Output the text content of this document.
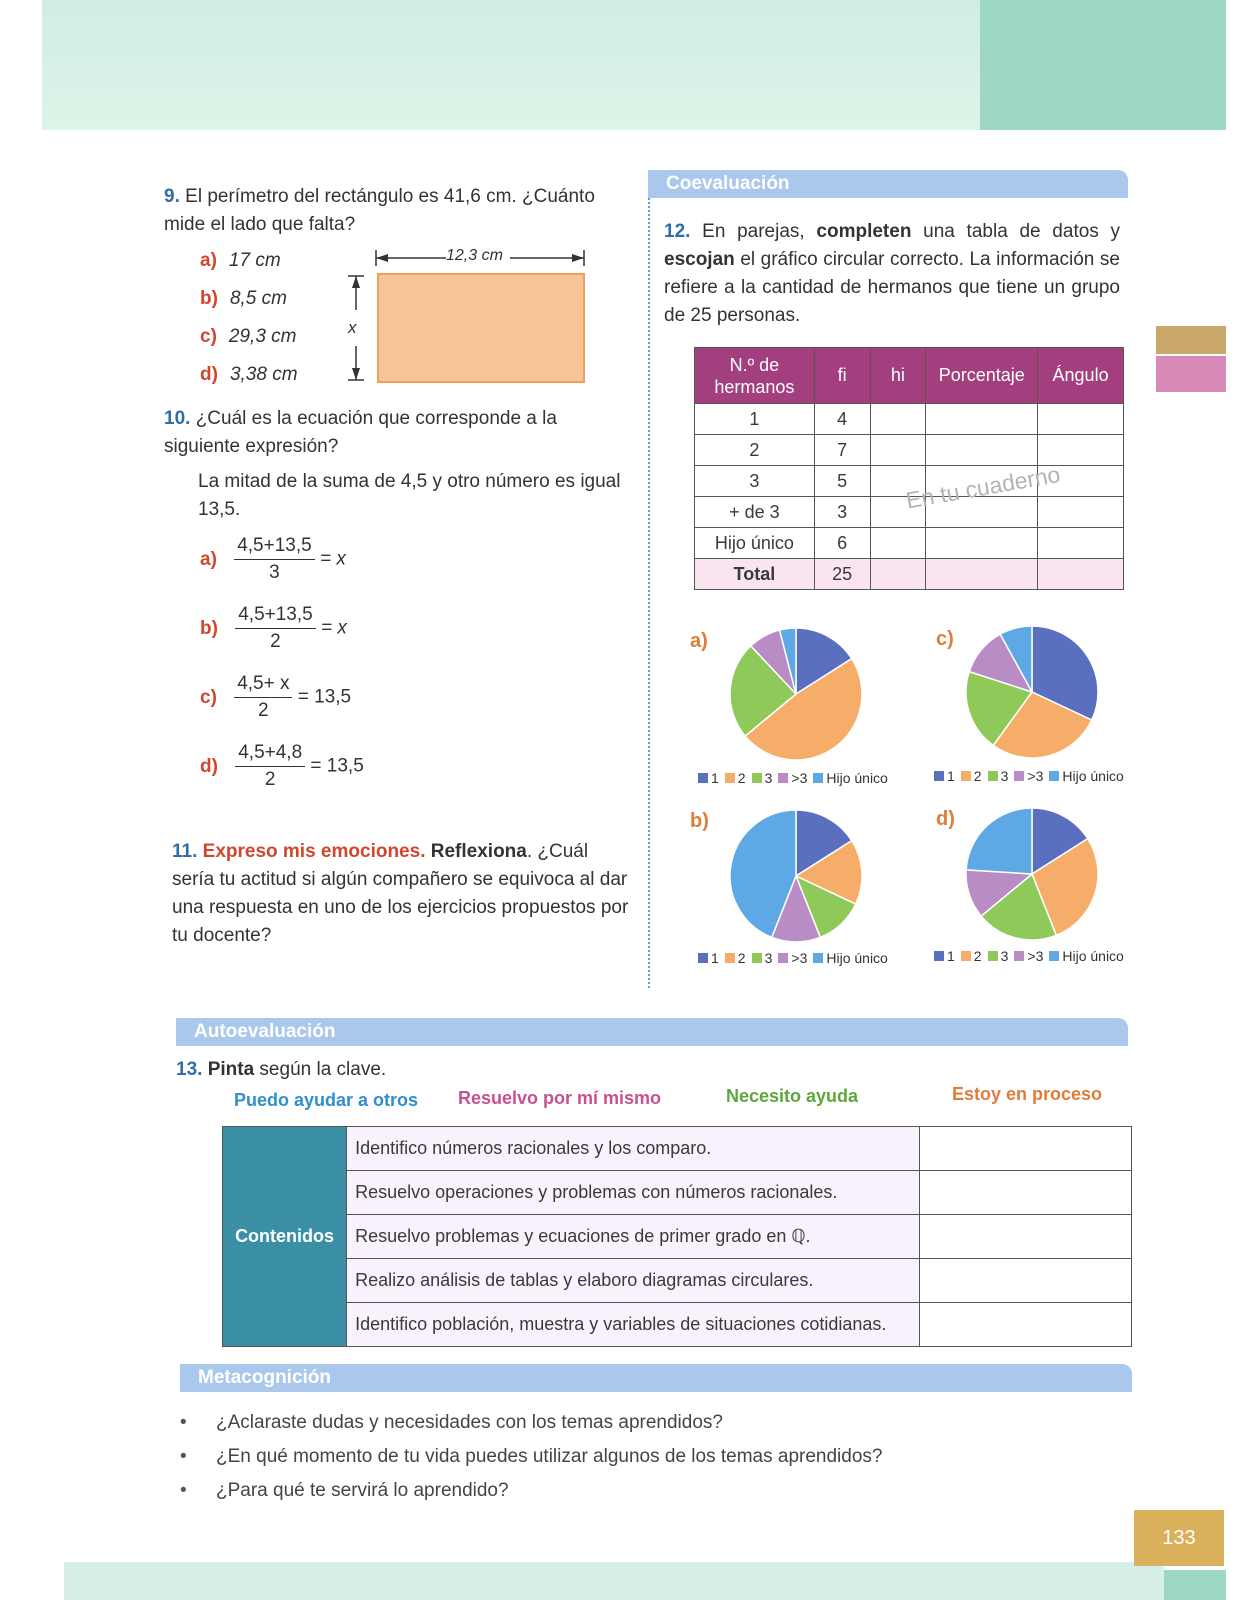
133
9. El perímetro del rectángulo es 41,6 cm. ¿Cuánto mide el lado que falta?
a) 17 cm
b) 8,5 cm
c) 29,3 cm
d) 3,38 cm
12,3 cm
x
10. ¿Cuál es la ecuación que corresponde a la siguiente expresión?
La mitad de la suma de 4,5 y otro número es igual 13,5.
$a) \frac{4,5+13,5}{3} = x$
$b) \frac{4,5+13,5}{2} = x$
$c) \frac{4,5+ x}{2} = 13,5$
$d) \frac{4,5+4,8}{2} = 13,5$
11. Expreso mis emociones. Reflexiona. ¿Cuál sería tu actitud si algún compañero se equivoca al dar una respuesta en uno de los ejercicios propuestos por tu docente?
Coevaluación
12. En parejas, completen una tabla de datos y escojan el gráfico circular correcto. La información se refiere a la cantidad de hermanos que tiene un grupo de 25 personas.
N.º de hermanos	fi	hi	Porcentaje	Ángulo
1	4			
2	7			
3	5			
+ de 3	3			
Hijo único	6			
Total	25			
En tu cuaderno
a)
b)
c)
d)
1 2 3 >3 Hijo único
1 2 3 >3 Hijo único
1 2 3 >3 Hijo único
1 2 3 >3 Hijo único
Autoevaluación
13. Pinta según la clave.
Puedo ayudar a otros Resuelvo por mí mismo	Necesito ayuda	Estoy en proceso
Contenidos	Identifico números racionales y los comparo.	
	Resuelvo operaciones y problemas con números racionales.	
	Resuelvo problemas y ecuaciones de primer grado en ℚ.	
	Realizo análisis de tablas y elaboro diagramas circulares.	
	Identifico población, muestra y variables de situaciones cotidianas.	
Metacognición
• ¿Aclaraste dudas y necesidades con los temas aprendidos?
• ¿En qué momento de tu vida puedes utilizar algunos de los temas aprendidos?
• ¿Para qué te servirá lo aprendido?
